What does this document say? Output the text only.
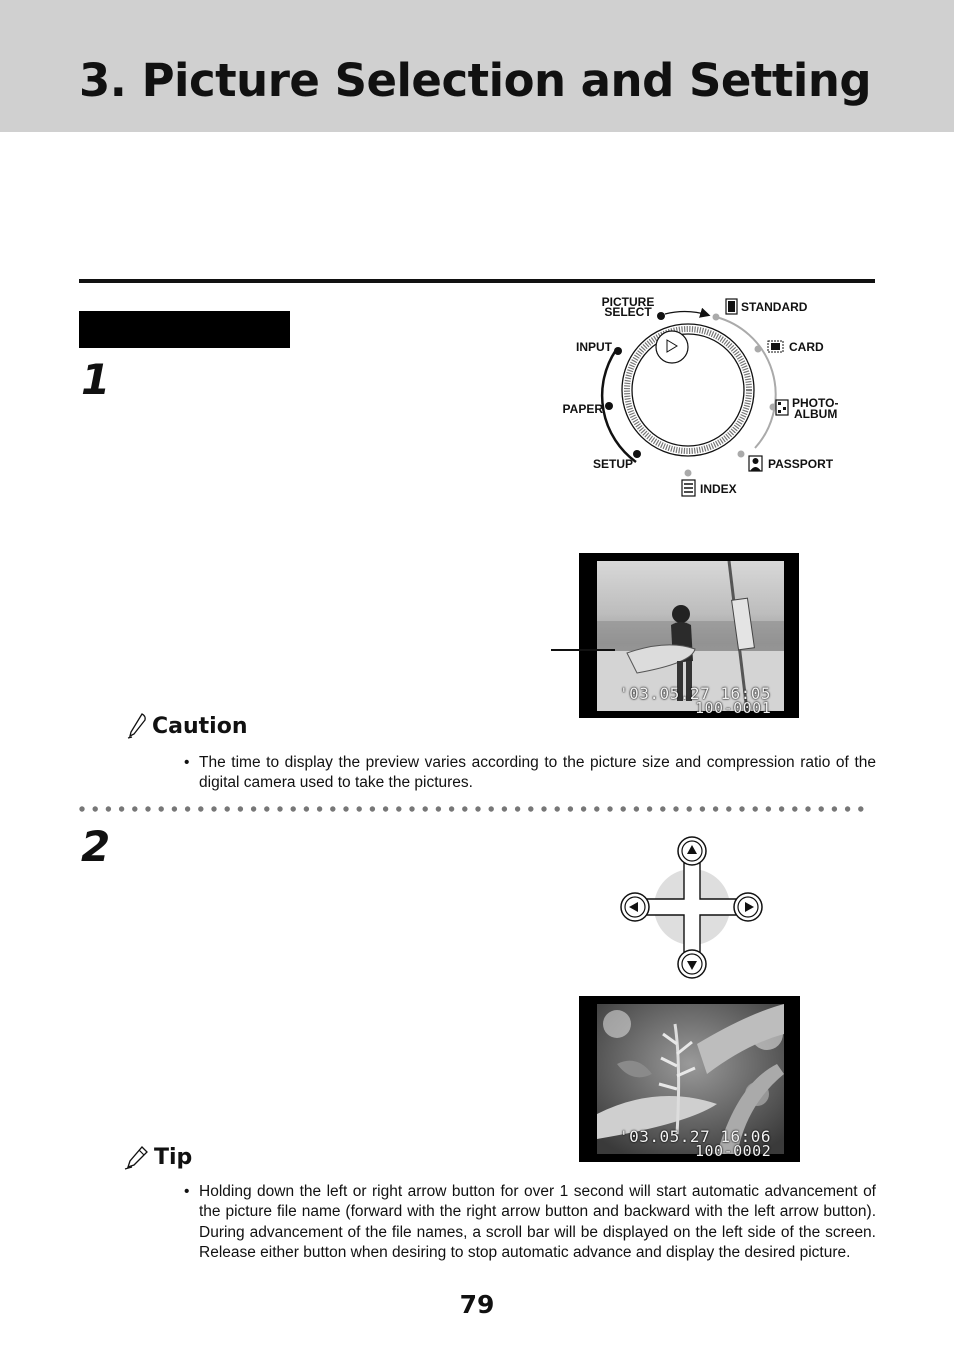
3. Picture Selection and Setting
1
PICTURE
SELECT
INPUT
PAPER
SETUP
STANDARD
CARD
PHOTO-
ALBUM
PASSPORT
INDEX
'03.05.27 16:05
100-0001
Caution
• The time to display the preview varies according to the picture size and compression ratio of the digital camera used to take the pictures.
2
'03.05.27 16:06
100-0002
Tip
• Holding down the left or right arrow button for over 1 second will start automatic advancement of the picture file name (forward with the right arrow button and backward with the left arrow button). During advancement of the file names, a scroll bar will be displayed on the left side of the screen. Release either button when desiring to stop automatic advance and display the desired picture.
79
